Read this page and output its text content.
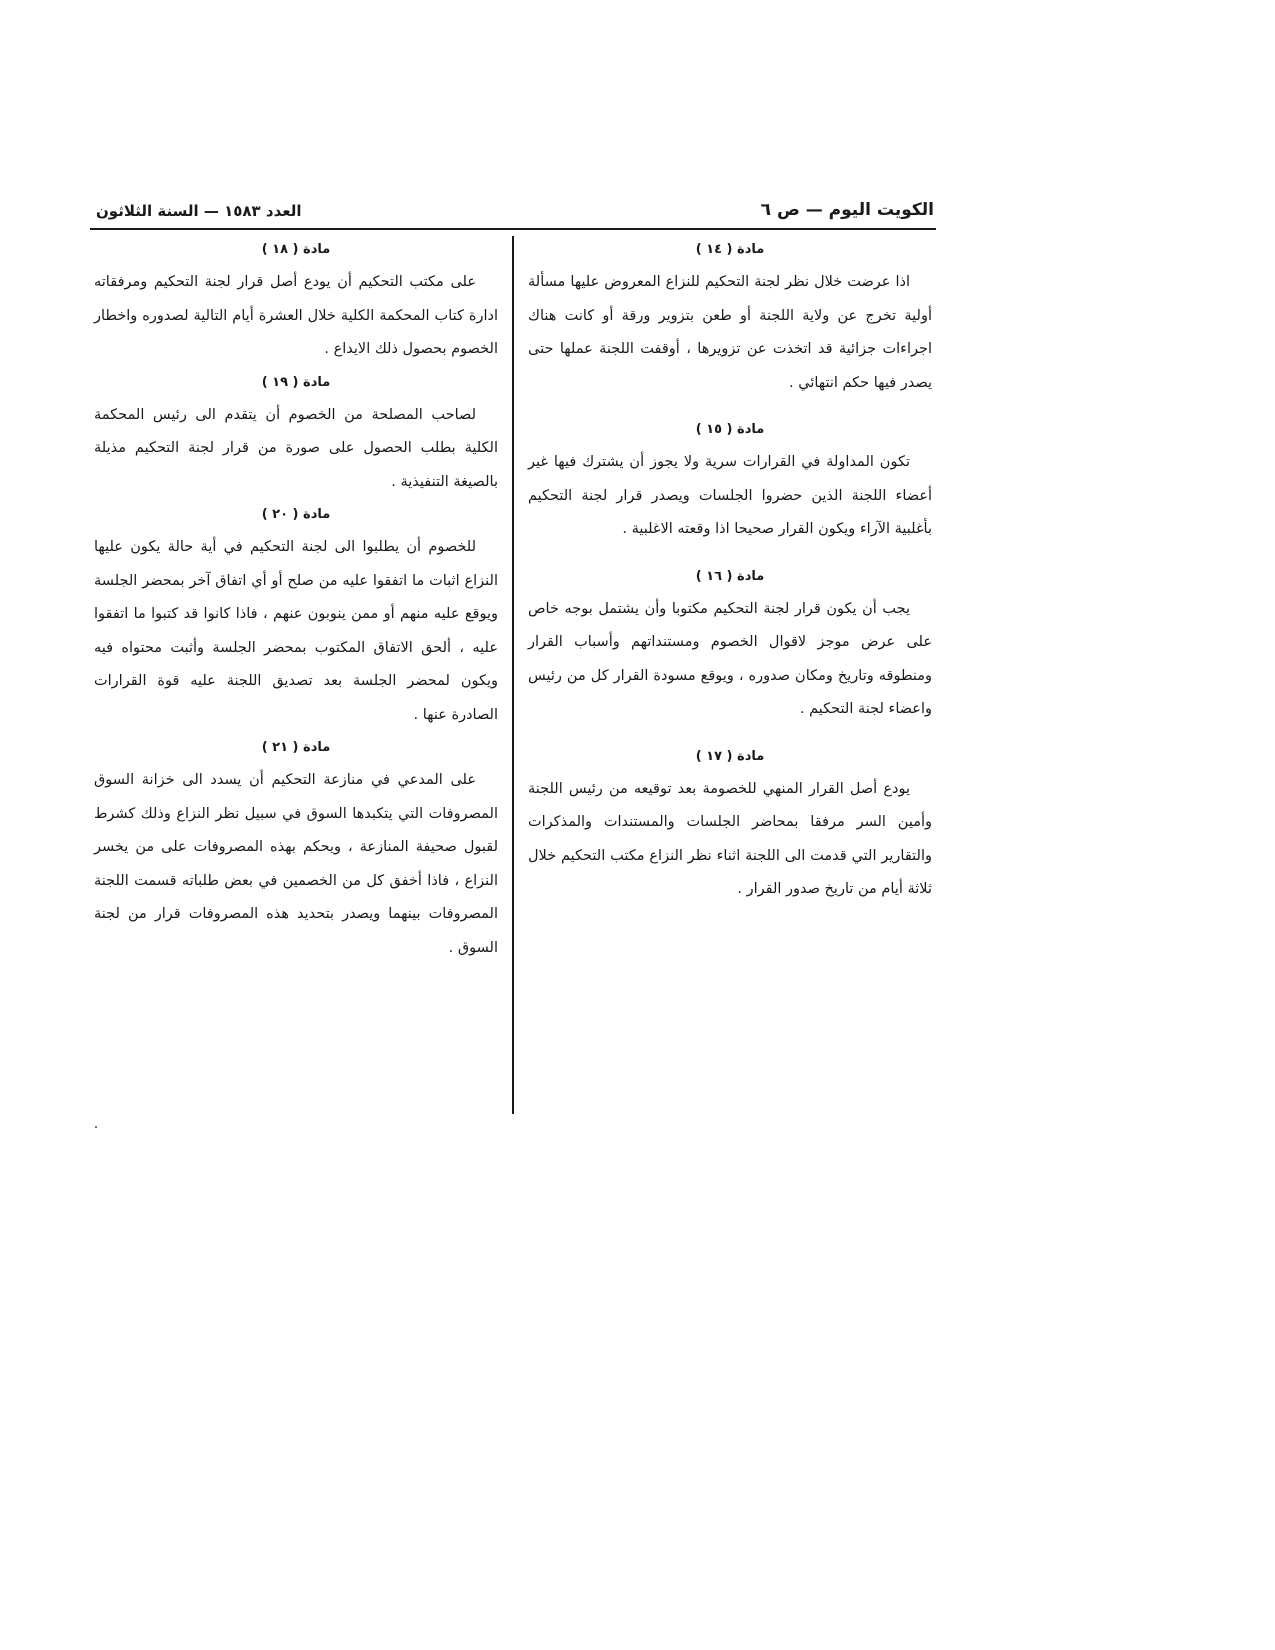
الكويت اليوم — ص ٦
العدد ١٥٨٣ — السنة الثلاثون

مادة ( ١٤ )

اذا عرضت خلال نظر لجنة التحكيم للنزاع المعروض عليها مسألة أولية تخرج عن ولاية اللجنة أو طعن بتزوير ورقة أو كانت هناك اجراءات جزائية قد اتخذت عن تزويرها ، أوقفت اللجنة عملها حتى يصدر فيها حكم انتهائي .

مادة ( ١٥ )

تكون المداولة في القرارات سرية ولا يجوز أن يشترك فيها غير أعضاء اللجنة الذين حضروا الجلسات ويصدر قرار لجنة التحكيم بأغلبية الآراء ويكون القرار صحيحا اذا وقعته الاغلبية .

مادة ( ١٦ )

يجب أن يكون قرار لجنة التحكيم مكتوبا وأن يشتمل بوجه خاص على عرض موجز لاقوال الخصوم ومستنداتهم وأسباب القرار ومنطوقه وتاريخ ومكان صدوره ، ويوقع مسودة القرار كل من رئيس واعضاء لجنة التحكيم .

مادة ( ١٧ )

يودع أصل القرار المنهي للخصومة بعد توقيعه من رئيس اللجنة وأمين السر مرفقا بمحاضر الجلسات والمستندات والمذكرات والتقارير التي قدمت الى اللجنة اثناء نظر النزاع مكتب التحكيم خلال ثلاثة أيام من تاريخ صدور القرار .

مادة ( ١٨ )

على مكتب التحكيم أن يودع أصل قرار لجنة التحكيم ومرفقاته ادارة كتاب المحكمة الكلية خلال العشرة أيام التالية لصدوره واخطار الخصوم بحصول ذلك الايداع .

مادة ( ١٩ )

لصاحب المصلحة من الخصوم أن يتقدم الى رئيس المحكمة الكلية بطلب الحصول على صورة من قرار لجنة التحكيم مذيلة بالصيغة التنفيذية .

مادة ( ٢٠ )

للخصوم أن يطلبوا الى لجنة التحكيم في أية حالة يكون عليها النزاع اثبات ما اتفقوا عليه من صلح أو أي اتفاق آخر بمحضر الجلسة ويوقع عليه منهم أو ممن ينوبون عنهم ، فاذا كانوا قد كتبوا ما اتفقوا عليه ، ألحق الاتفاق المكتوب بمحضر الجلسة وأثبت محتواه فيه ويكون لمحضر الجلسة بعد تصديق اللجنة عليه قوة القرارات الصادرة عنها .

مادة ( ٢١ )

على المدعي في منازعة التحكيم أن يسدد الى خزانة السوق المصروفات التي يتكبدها السوق في سبيل نظر النزاع وذلك كشرط لقبول صحيفة المنازعة ، ويحكم بهذه المصروفات على من يخسر النزاع ، فاذا أخفق كل من الخصمين في بعض طلباته قسمت اللجنة المصروفات بينهما ويصدر بتحديد هذه المصروفات قرار من لجنة السوق .
